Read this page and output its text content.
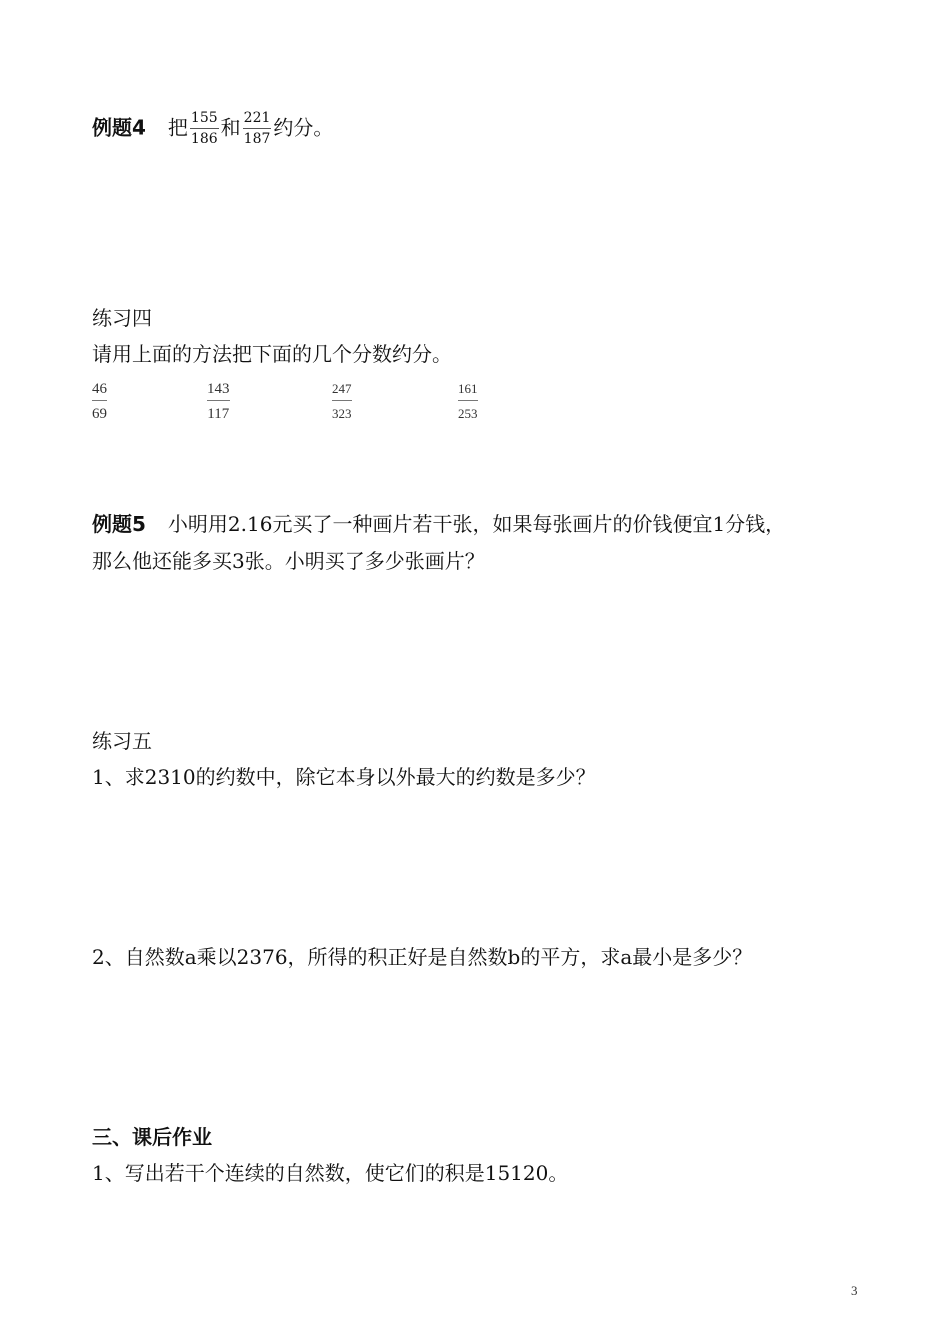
例题4 把 $\frac{155}{186}$ 和 $\frac{221}{187}$ 约分。
练习四
请用上面的方法把下面的几个分数约分。
$\frac{46}{69}$	$\frac{143}{117}$	$\frac{247}{323}$	$\frac{161}{253}$
例题5 小明用2.16元买了一种画片若干张，如果每张画片的价钱便宜1分钱，
那么他还能多买3张。小明买了多少张画片？
练习五
1、求2310的约数中，除它本身以外最大的约数是多少？
2、自然数a乘以2376，所得的积正好是自然数b的平方，求a最小是多少？
三、课后作业
1、写出若干个连续的自然数，使它们的积是15120。
3
